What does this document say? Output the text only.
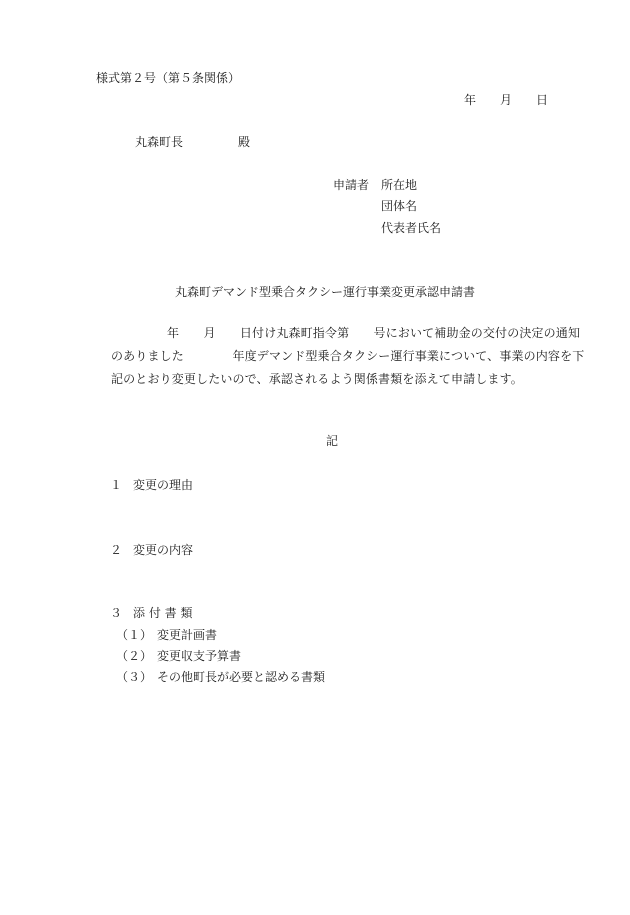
様式第２号（第５条関係）
年　　月　　日
丸森町長	殿
申請者 所在地
団体名
代表者氏名
丸森町デマンド型乗合タクシー運行事業変更承認申請書
年　　月　　日付け丸森町指令第　　号において補助金の交付の決定の通知
のありました　　　　年度デマンド型乗合タクシー運行事業について、事業の内容を下
記のとおり変更したいので、承認されるよう関係書類を添えて申請します。
記
１ 変更の理由
２ 変更の内容
３ 添 付 書 類
（１） 変更計画書
（２） 変更収支予算書
（３） その他町長が必要と認める書類
